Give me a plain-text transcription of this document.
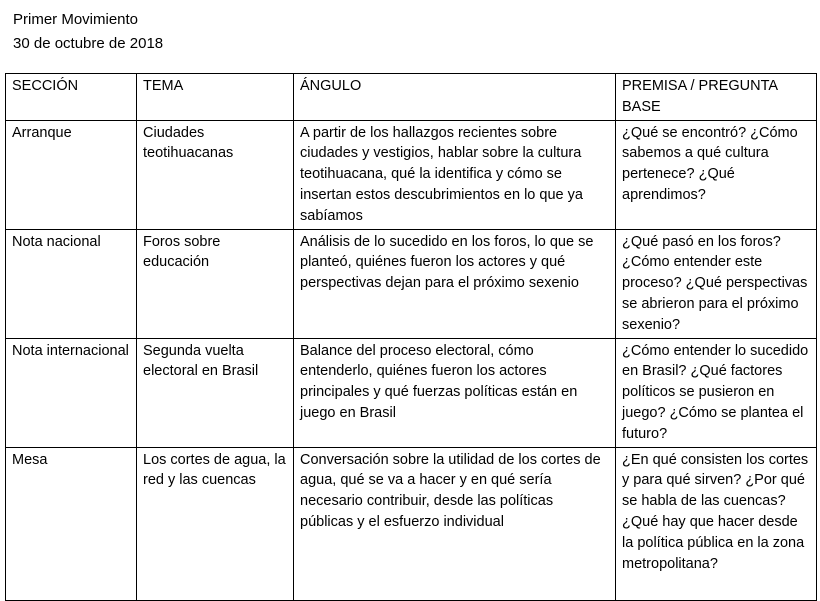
Primer Movimiento
30 de octubre de 2018
SECCIÓN	TEMA	ÁNGULO	PREMISA / PREGUNTA BASE
Arranque	Ciudades teotihuacanas	A partir de los hallazgos recientes sobre ciudades y vestigios, hablar sobre la cultura teotihuacana, qué la identifica y cómo se insertan estos descubrimientos en lo que ya sabíamos	¿Qué se encontró? ¿Cómo sabemos a qué cultura pertenece? ¿Qué aprendimos?
Nota nacional	Foros sobre educación	Análisis de lo sucedido en los foros, lo que se planteó, quiénes fueron los actores y qué perspectivas dejan para el próximo sexenio	¿Qué pasó en los foros? ¿Cómo entender este proceso? ¿Qué perspectivas se abrieron para el próximo sexenio?
Nota internacional	Segunda vuelta electoral en Brasil	Balance del proceso electoral, cómo entenderlo, quiénes fueron los actores principales y qué fuerzas políticas están en juego en Brasil	¿Cómo entender lo sucedido en Brasil? ¿Qué factores políticos se pusieron en juego? ¿Cómo se plantea el futuro?
Mesa	Los cortes de agua, la red y las cuencas	Conversación sobre la utilidad de los cortes de agua, qué se va a hacer y en qué sería necesario contribuir, desde las políticas públicas y el esfuerzo individual	¿En qué consisten los cortes y para qué sirven? ¿Por qué se habla de las cuencas? ¿Qué hay que hacer desde la política pública en la zona metropolitana?
